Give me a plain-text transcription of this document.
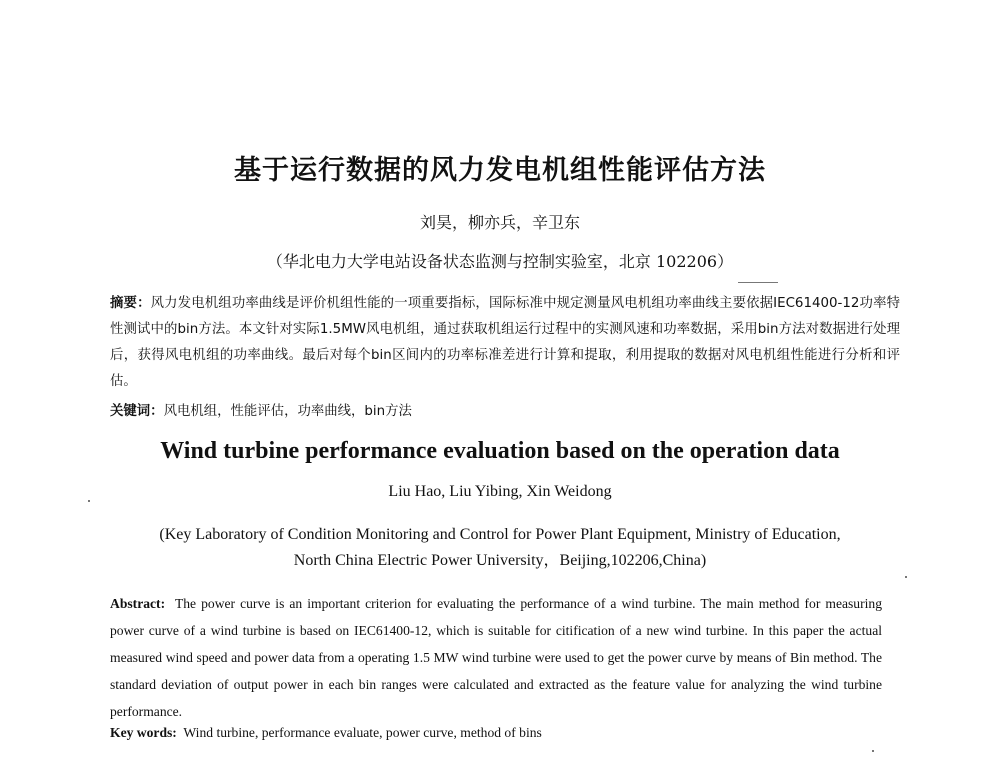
基于运行数据的风力发电机组性能评估方法
刘昊，柳亦兵，辛卫东
（华北电力大学电站设备状态监测与控制实验室，北京 102206）
摘要：风力发电机组功率曲线是评价机组性能的一项重要指标，国际标准中规定测量风电机组功率曲线主要依据IEC61400-12功率特性测试中的bin方法。本文针对实际1.5MW风电机组，通过获取机组运行过程中的实测风速和功率数据，采用bin方法对数据进行处理后，获得风电机组的功率曲线。最后对每个bin区间内的功率标准差进行计算和提取，利用提取的数据对风电机组性能进行分析和评估。
关键词：风电机组，性能评估，功率曲线，bin方法
Wind turbine performance evaluation based on the operation data
Liu Hao, Liu Yibing, Xin Weidong
(Key Laboratory of Condition Monitoring and Control for Power Plant Equipment, Ministry of Education,
North China Electric Power University，Beijing,102206,China)
Abstract: The power curve is an important criterion for evaluating the performance of a wind turbine. The main method for measuring power curve of a wind turbine is based on IEC61400-12, which is suitable for citification of a new wind turbine. In this paper the actual measured wind speed and power data from a operating 1.5 MW wind turbine were used to get the power curve by means of Bin method. The standard deviation of output power in each bin ranges were calculated and extracted as the feature value for analyzing the wind turbine performance.
Key words: Wind turbine, performance evaluate, power curve, method of bins
